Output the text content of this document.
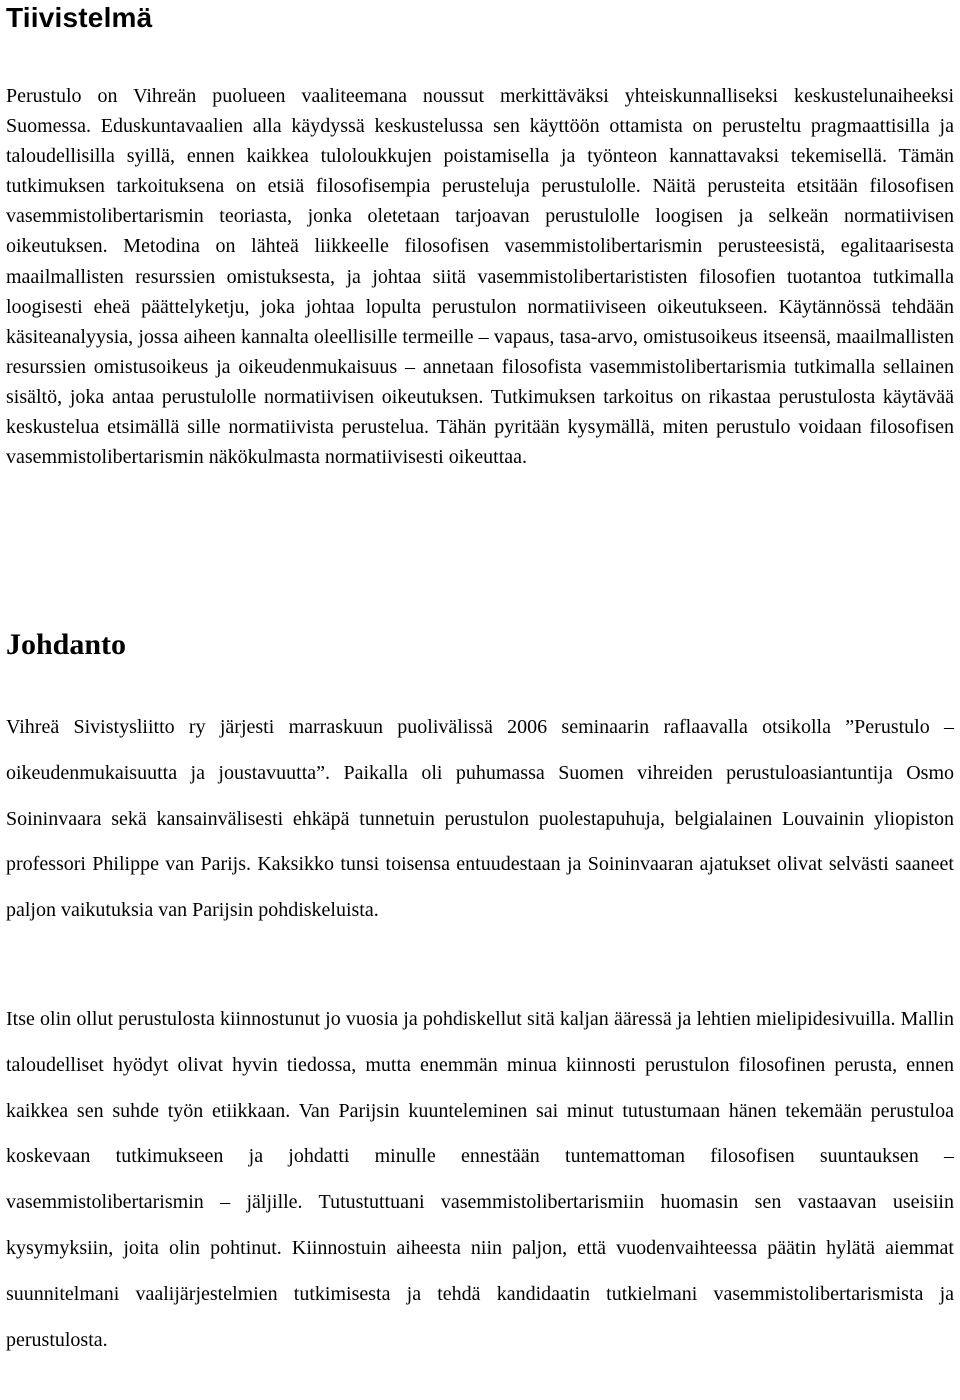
Tiivistelmä

Perustulo on Vihreän puolueen vaaliteemana noussut merkittäväksi yhteiskunnalliseksi keskustelunaiheeksi Suomessa. Eduskuntavaalien alla käydyssä keskustelussa sen käyttöön ottamista on perusteltu pragmaattisilla ja taloudellisilla syillä, ennen kaikkea tuloloukkujen poistamisella ja työnteon kannattavaksi tekemisellä. Tämän tutkimuksen tarkoituksena on etsiä filosofisempia perusteluja perustulolle. Näitä perusteita etsitään filosofisen vasemmistolibertarismin teoriasta, jonka oletetaan tarjoavan perustulolle loogisen ja selkeän normatiivisen oikeutuksen. Metodina on lähteä liikkeelle filosofisen vasemmistolibertarismin perusteesistä, egalitaarisesta maailmallisten resurssien omistuksesta, ja johtaa siitä vasemmistolibertarististen filosofien tuotantoa tutkimalla loogisesti eheä päättelyketju, joka johtaa lopulta perustulon normatiiviseen oikeutukseen. Käytännössä tehdään käsiteanalyysia, jossa aiheen kannalta oleellisille termeille – vapaus, tasa-arvo, omistusoikeus itseensä, maailmallisten resurssien omistusoikeus ja oikeudenmukaisuus – annetaan filosofista vasemmistolibertarismia tutkimalla sellainen sisältö, joka antaa perustulolle normatiivisen oikeutuksen. Tutkimuksen tarkoitus on rikastaa perustulosta käytävää keskustelua etsimällä sille normatiivista perustelua. Tähän pyritään kysymällä, miten perustulo voidaan filosofisen vasemmistolibertarismin näkökulmasta normatiivisesti oikeuttaa.

Johdanto

Vihreä Sivistysliitto ry järjesti marraskuun puolivälissä 2006 seminaarin raflaavalla otsikolla ”Perustulo – oikeudenmukaisuutta ja joustavuutta”. Paikalla oli puhumassa Suomen vihreiden perustuloasiantuntija Osmo Soininvaara sekä kansainvälisesti ehkäpä tunnetuin perustulon puolestapuhuja, belgialainen Louvainin yliopiston professori Philippe van Parijs. Kaksikko tunsi toisensa entuudestaan ja Soininvaaran ajatukset olivat selvästi saaneet paljon vaikutuksia van Parijsin pohdiskeluista.

Itse olin ollut perustulosta kiinnostunut jo vuosia ja pohdiskellut sitä kaljan ääressä ja lehtien mielipidesivuilla. Mallin taloudelliset hyödyt olivat hyvin tiedossa, mutta enemmän minua kiinnosti perustulon filosofinen perusta, ennen kaikkea sen suhde työn etiikkaan. Van Parijsin kuunteleminen sai minut tutustumaan hänen tekemään perustuloa koskevaan tutkimukseen ja johdatti minulle ennestään tuntemattoman filosofisen suuntauksen – vasemmistolibertarismin – jäljille. Tutustuttuani vasemmistolibertarismiin huomasin sen vastaavan useisiin kysymyksiin, joita olin pohtinut. Kiinnostuin aiheesta niin paljon, että vuodenvaihteessa päätin hylätä aiemmat suunnitelmani vaalijärjestelmien tutkimisesta ja tehdä kandidaatin tutkielmani vasemmistolibertarismista ja perustulosta.
